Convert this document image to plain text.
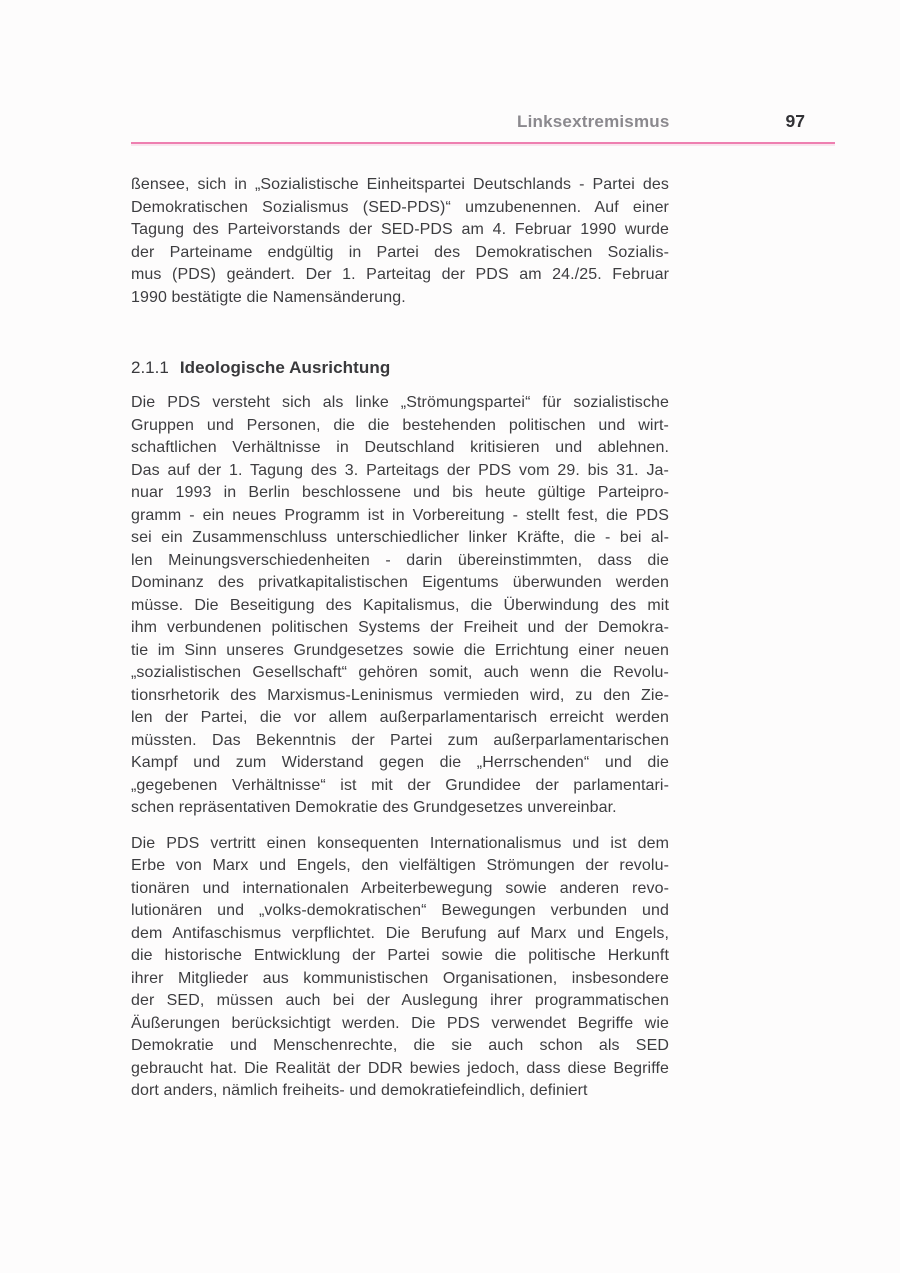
Linksextremismus	97
ßensee, sich in „Sozialistische Einheitspartei Deutschlands - Partei des
Demokratischen Sozialismus (SED-PDS)“ umzubenennen. Auf einer
Tagung des Parteivorstands der SED-PDS am 4. Februar 1990 wurde
der Parteiname endgültig in Partei des Demokratischen Sozialis-
mus (PDS) geändert. Der 1. Parteitag der PDS am 24./25. Februar
1990 bestätigte die Namensänderung.
2.1.1 Ideologische Ausrichtung
Die PDS versteht sich als linke „Strömungspartei“ für sozialistische
Gruppen und Personen, die die bestehenden politischen und wirt-
schaftlichen Verhältnisse in Deutschland kritisieren und ablehnen.
Das auf der 1. Tagung des 3. Parteitags der PDS vom 29. bis 31. Ja-
nuar 1993 in Berlin beschlossene und bis heute gültige Parteipro-
gramm - ein neues Programm ist in Vorbereitung - stellt fest, die PDS
sei ein Zusammenschluss unterschiedlicher linker Kräfte, die - bei al-
len Meinungsverschiedenheiten - darin übereinstimmten, dass die
Dominanz des privatkapitalistischen Eigentums überwunden werden
müsse. Die Beseitigung des Kapitalismus, die Überwindung des mit
ihm verbundenen politischen Systems der Freiheit und der Demokra-
tie im Sinn unseres Grundgesetzes sowie die Errichtung einer neuen
„sozialistischen Gesellschaft“ gehören somit, auch wenn die Revolu-
tionsrhetorik des Marxismus-Leninismus vermieden wird, zu den Zie-
len der Partei, die vor allem außerparlamentarisch erreicht werden
müssten. Das Bekenntnis der Partei zum außerparlamentarischen
Kampf und zum Widerstand gegen die „Herrschenden“ und die
„gegebenen Verhältnisse“ ist mit der Grundidee der parlamentari-
schen repräsentativen Demokratie des Grundgesetzes unvereinbar.
Die PDS vertritt einen konsequenten Internationalismus und ist dem
Erbe von Marx und Engels, den vielfältigen Strömungen der revolu-
tionären und internationalen Arbeiterbewegung sowie anderen revo-
lutionären und „volks-demokratischen“ Bewegungen verbunden und
dem Antifaschismus verpflichtet. Die Berufung auf Marx und Engels,
die historische Entwicklung der Partei sowie die politische Herkunft
ihrer Mitglieder aus kommunistischen Organisationen, insbesondere
der SED, müssen auch bei der Auslegung ihrer programmatischen
Äußerungen berücksichtigt werden. Die PDS verwendet Begriffe wie
Demokratie und Menschenrechte, die sie auch schon als SED
gebraucht hat. Die Realität der DDR bewies jedoch, dass diese Begriffe
dort anders, nämlich freiheits- und demokratiefeindlich, definiert
